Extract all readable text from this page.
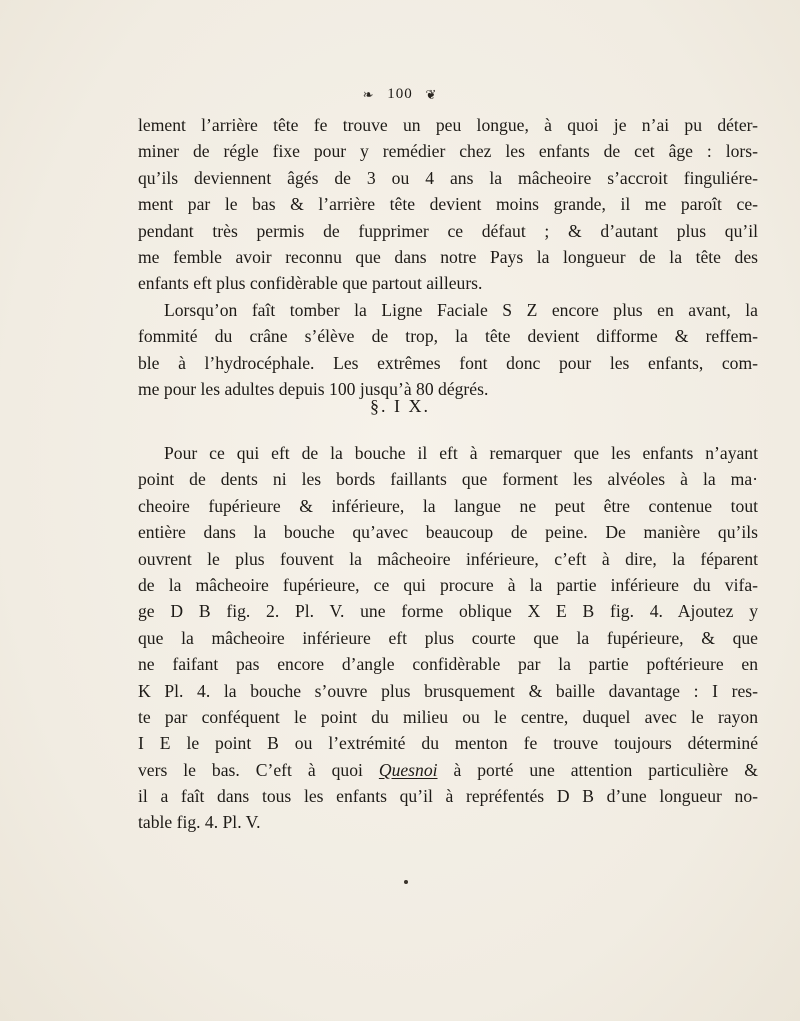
❧ 100 ❦
lement l’arrière tête fe trouve un peu longue, à quoi je n’ai pu déter-
miner de régle fixe pour y remédier chez les enfants de cet âge : lors-
qu’ils deviennent âgés de 3 ou 4 ans la mâcheoire s’accroit finguliére-
ment par le bas & l’arrière tête devient moins grande, il me paroît ce-
pendant très permis de fupprimer ce défaut ; & d’autant plus qu’il
me femble avoir reconnu que dans notre Pays la longueur de la tête des
enfants eft plus confidèrable que partout ailleurs.
Lorsqu’on faît tomber la Ligne Faciale S Z encore plus en avant, la
fommité du crâne s’élève de trop, la tête devient difforme & reffem-
ble à l’hydrocéphale. Les extrêmes font donc pour les enfants, com-
me pour les adultes depuis 100 jusqu’à 80 dégrés.
§. I X.
Pour ce qui eft de la bouche il eft à remarquer que les enfants n’ayant
point de dents ni les bords faillants que forment les alvéoles à la ma·
cheoire fupérieure & inférieure, la langue ne peut être contenue tout
entière dans la bouche qu’avec beaucoup de peine. De manière qu’ils
ouvrent le plus fouvent la mâcheoire inférieure, c’eft à dire, la féparent
de la mâcheoire fupérieure, ce qui procure à la partie inférieure du vifa-
ge D B fig. 2. Pl. V. une forme oblique X E B fig. 4. Ajoutez y
que la mâcheoire inférieure eft plus courte que la fupérieure, & que
ne faifant pas encore d’angle confidèrable par la partie poftérieure en
K Pl. 4. la bouche s’ouvre plus brusquement & baille davantage : I res-
te par conféquent le point du milieu ou le centre, duquel avec le rayon
I E le point B ou l’extrémité du menton fe trouve toujours déterminé
vers le bas. C’eft à quoi Quesnoi à porté une attention particulière &
il a faît dans tous les enfants qu’il à repréfentés D B d’une longueur no-
table fig. 4. Pl. V.
